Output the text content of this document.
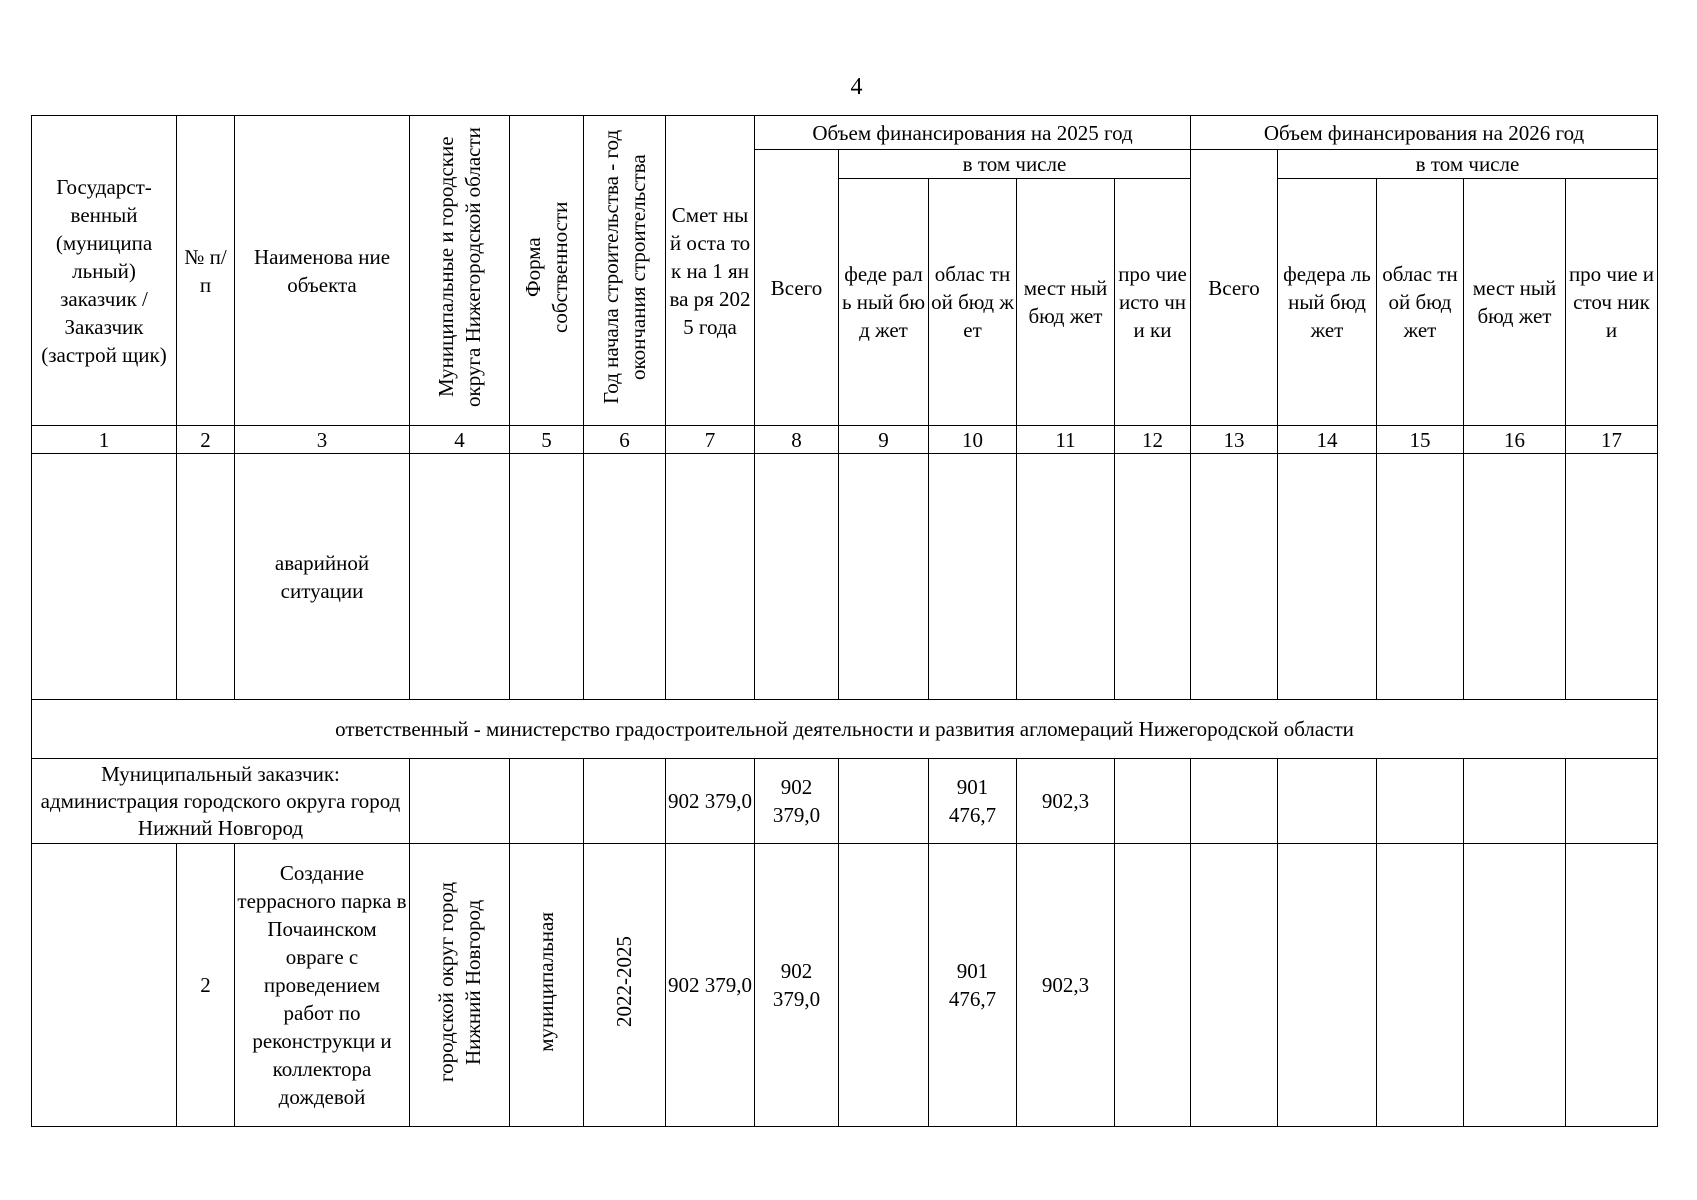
4
Государст-венный (муниципа льный) заказчик / Заказчик (застрой щик)	№ п/п	Наименова ние объекта	Муниципальные и городские округа Нижегородской области	Форма собственности	Год начала строительства - год окончания строительства	Смет ный оста ток на 1 янва ря 2025 года	Объем финансирования на 2025 год					Объем финансирования на 2026 год				
							Всего	в том числе				Всего	в том числе			
								феде раль ный бюд жет	облас тной бюд жет	мест ный бюд жет	про чие исто чни ки		федера льный бюд жет	облас тной бюд жет	мест ный бюд жет	про чие источ ники
1	2	3	4	5	6	7	8	9	10	11	12	13	14	15	16	17
		аварийной ситуации														
ответственный - министерство градостроительной деятельности и развития агломераций Нижегородской области																
Муниципальный заказчик: администрация городского округа город Нижний Новгород						902 379,0	902 379,0		901 476,7	902,3						
	2	Создание террасного парка в Почаинском овраге с проведением работ по реконструкци и коллектора дождевой	городской округ город Нижний Новгород	муниципальная	2022-2025	902 379,0	902 379,0		901 476,7	902,3						
